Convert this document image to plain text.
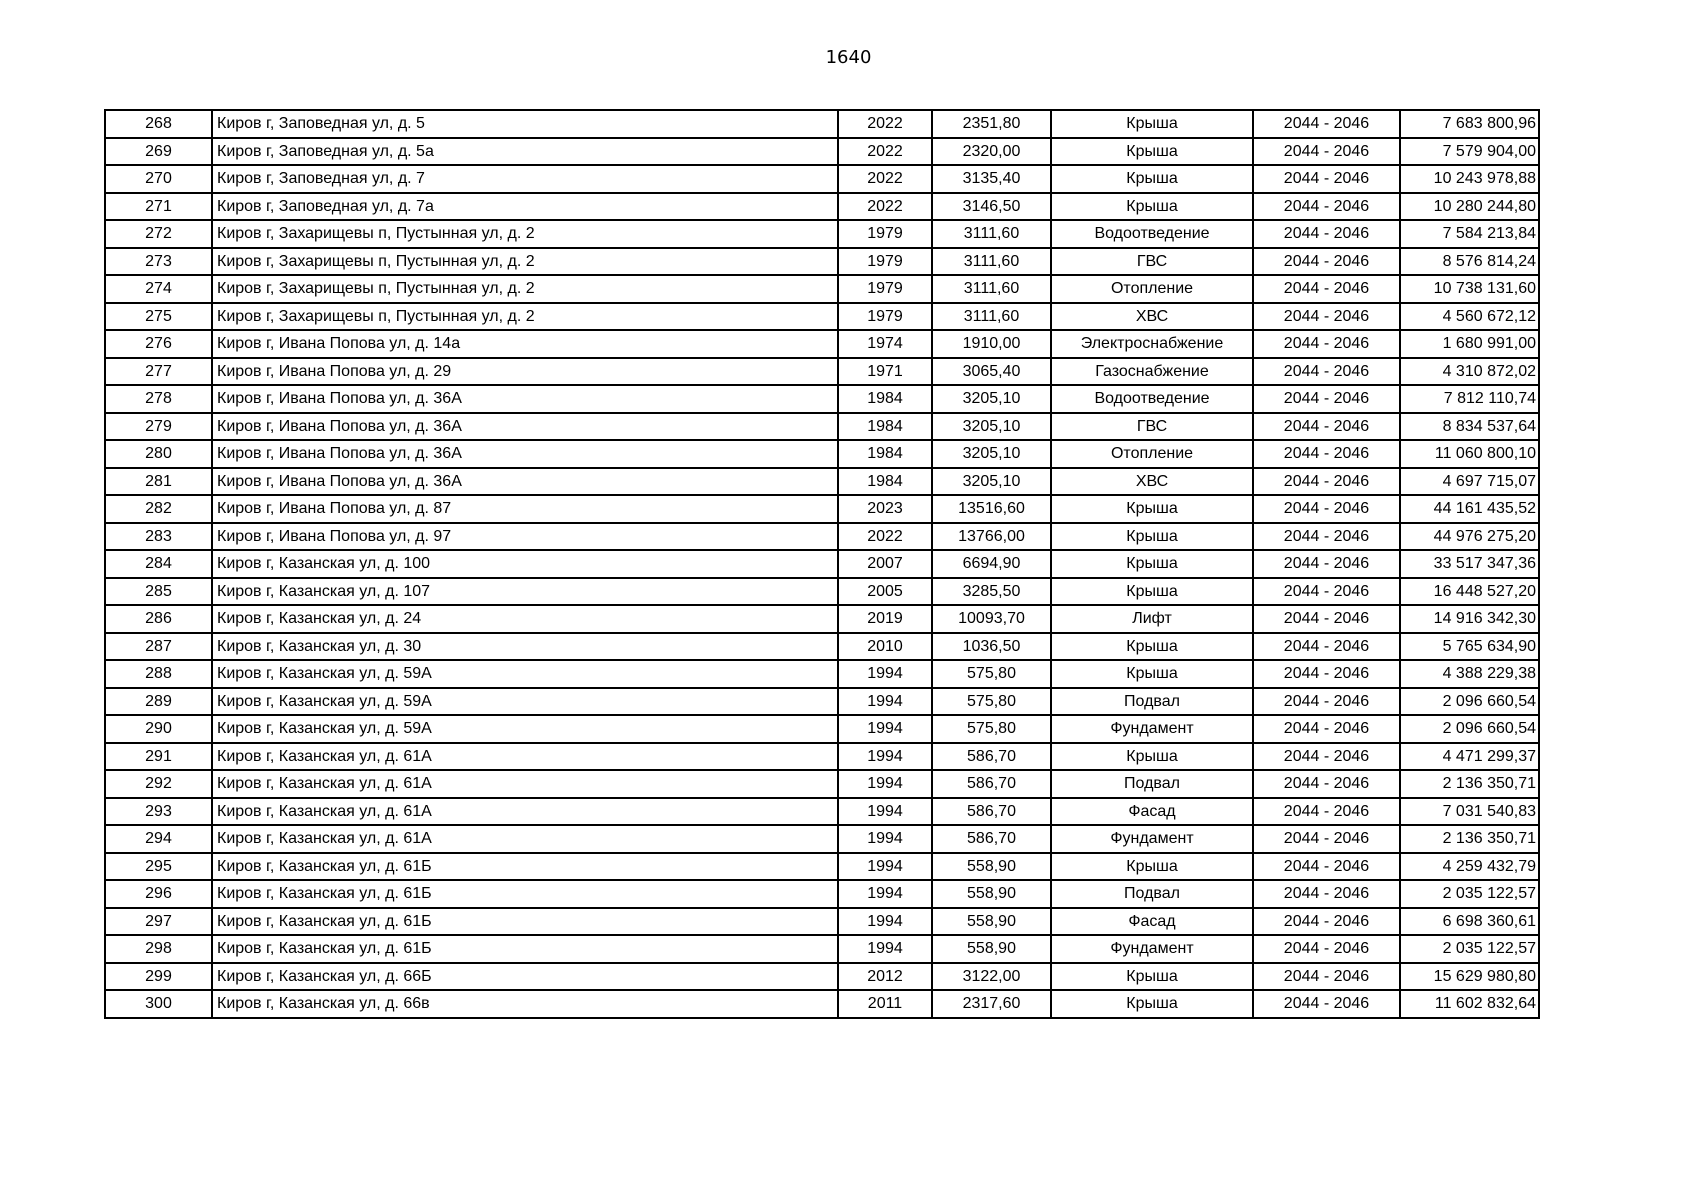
1640
268	Киров г, Заповедная ул, д. 5	2022	2351,80	Крыша	2044 - 2046	7 683 800,96
269	Киров г, Заповедная ул, д. 5а	2022	2320,00	Крыша	2044 - 2046	7 579 904,00
270	Киров г, Заповедная ул, д. 7	2022	3135,40	Крыша	2044 - 2046	10 243 978,88
271	Киров г, Заповедная ул, д. 7а	2022	3146,50	Крыша	2044 - 2046	10 280 244,80
272	Киров г, Захарищевы п, Пустынная ул, д. 2	1979	3111,60	Водоотведение	2044 - 2046	7 584 213,84
273	Киров г, Захарищевы п, Пустынная ул, д. 2	1979	3111,60	ГВС	2044 - 2046	8 576 814,24
274	Киров г, Захарищевы п, Пустынная ул, д. 2	1979	3111,60	Отопление	2044 - 2046	10 738 131,60
275	Киров г, Захарищевы п, Пустынная ул, д. 2	1979	3111,60	ХВС	2044 - 2046	4 560 672,12
276	Киров г, Ивана Попова ул, д. 14а	1974	1910,00	Электроснабжение	2044 - 2046	1 680 991,00
277	Киров г, Ивана Попова ул, д. 29	1971	3065,40	Газоснабжение	2044 - 2046	4 310 872,02
278	Киров г, Ивана Попова ул, д. 36А	1984	3205,10	Водоотведение	2044 - 2046	7 812 110,74
279	Киров г, Ивана Попова ул, д. 36А	1984	3205,10	ГВС	2044 - 2046	8 834 537,64
280	Киров г, Ивана Попова ул, д. 36А	1984	3205,10	Отопление	2044 - 2046	11 060 800,10
281	Киров г, Ивана Попова ул, д. 36А	1984	3205,10	ХВС	2044 - 2046	4 697 715,07
282	Киров г, Ивана Попова ул, д. 87	2023	13516,60	Крыша	2044 - 2046	44 161 435,52
283	Киров г, Ивана Попова ул, д. 97	2022	13766,00	Крыша	2044 - 2046	44 976 275,20
284	Киров г, Казанская ул, д. 100	2007	6694,90	Крыша	2044 - 2046	33 517 347,36
285	Киров г, Казанская ул, д. 107	2005	3285,50	Крыша	2044 - 2046	16 448 527,20
286	Киров г, Казанская ул, д. 24	2019	10093,70	Лифт	2044 - 2046	14 916 342,30
287	Киров г, Казанская ул, д. 30	2010	1036,50	Крыша	2044 - 2046	5 765 634,90
288	Киров г, Казанская ул, д. 59А	1994	575,80	Крыша	2044 - 2046	4 388 229,38
289	Киров г, Казанская ул, д. 59А	1994	575,80	Подвал	2044 - 2046	2 096 660,54
290	Киров г, Казанская ул, д. 59А	1994	575,80	Фундамент	2044 - 2046	2 096 660,54
291	Киров г, Казанская ул, д. 61А	1994	586,70	Крыша	2044 - 2046	4 471 299,37
292	Киров г, Казанская ул, д. 61А	1994	586,70	Подвал	2044 - 2046	2 136 350,71
293	Киров г, Казанская ул, д. 61А	1994	586,70	Фасад	2044 - 2046	7 031 540,83
294	Киров г, Казанская ул, д. 61А	1994	586,70	Фундамент	2044 - 2046	2 136 350,71
295	Киров г, Казанская ул, д. 61Б	1994	558,90	Крыша	2044 - 2046	4 259 432,79
296	Киров г, Казанская ул, д. 61Б	1994	558,90	Подвал	2044 - 2046	2 035 122,57
297	Киров г, Казанская ул, д. 61Б	1994	558,90	Фасад	2044 - 2046	6 698 360,61
298	Киров г, Казанская ул, д. 61Б	1994	558,90	Фундамент	2044 - 2046	2 035 122,57
299	Киров г, Казанская ул, д. 66Б	2012	3122,00	Крыша	2044 - 2046	15 629 980,80
300	Киров г, Казанская ул, д. 66в	2011	2317,60	Крыша	2044 - 2046	11 602 832,64
